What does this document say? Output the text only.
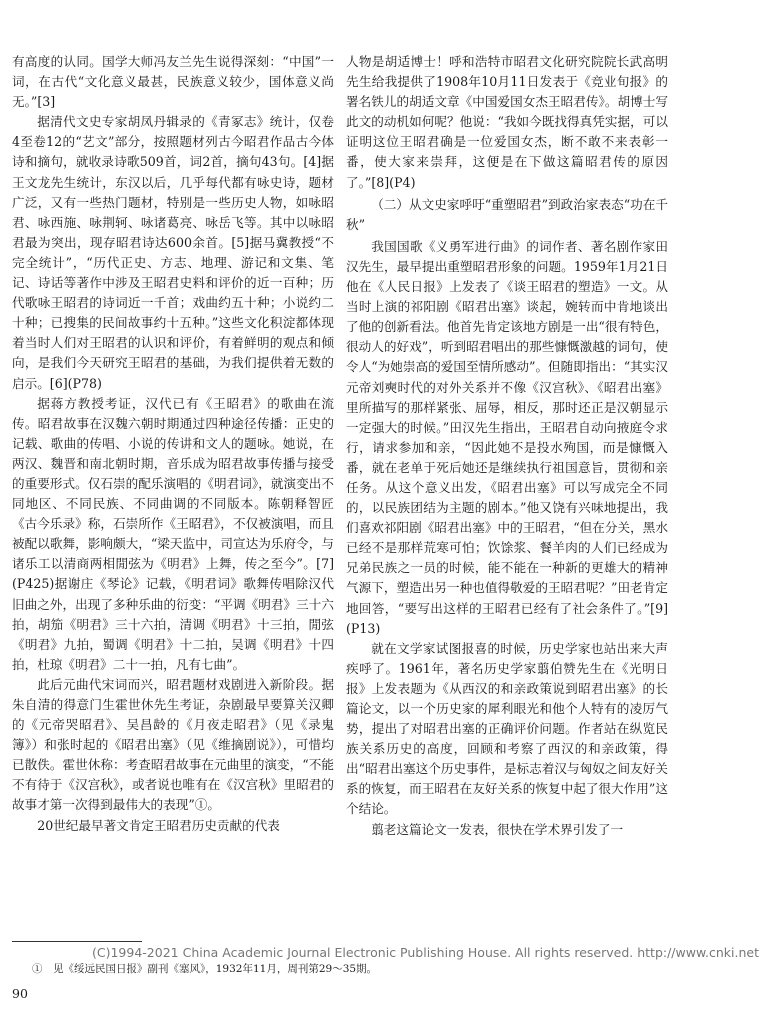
有高度的认同。国学大师冯友兰先生说得深刻：“中国”一词，在古代“文化意义最甚，民族意义较少，国体意义尚无。”[3]

据清代文史专家胡凤丹辑录的《青冢志》统计，仅卷4至卷12的“艺文”部分，按照题材列古今昭君作品古今体诗和摘句，就收录诗歌509首，词2首，摘句43句。[4]据王文龙先生统计，东汉以后，几乎每代都有咏史诗，题材广泛，又有一些热门题材，特别是一些历史人物，如咏昭君、咏西施、咏荆轲、咏诸葛亮、咏岳飞等。其中以咏昭君最为突出，现存昭君诗达600余首。[5]据马冀教授“不完全统计”，“历代正史、方志、地理、游记和文集、笔记、诗话等著作中涉及王昭君史料和评价的近一百种；历代歌咏王昭君的诗词近一千首；戏曲约五十种；小说约二十种；已搜集的民间故事约十五种。”这些文化积淀都体现着当时人们对王昭君的认识和评价，有着鲜明的观点和倾向，是我们今天研究王昭君的基础，为我们提供着无数的启示。[6](P78)

据蒋方教授考证，汉代已有《王昭君》的歌曲在流传。昭君故事在汉魏六朝时期通过四种途径传播：正史的记载、歌曲的传唱、小说的传讲和文人的题咏。她说，在两汉、魏晋和南北朝时期，音乐成为昭君故事传播与接受的重要形式。仅石崇的配乐演唱的《明君词》，就演变出不同地区、不同民族、不同曲调的不同版本。陈朝释智匠《古今乐录》称，石崇所作《王昭君》，不仅被演唱，而且被配以歌舞，影响颇大，“梁天监中，司宣达为乐府令，与诸乐工以清商两相閒弦为《明君》上舞，传之至今”。[7](P425)据谢庄《琴论》记载，《明君词》歌舞传唱除汉代旧曲之外，出现了多种乐曲的衍变：“平调《明君》三十六拍，胡笳《明君》三十六拍，清调《明君》十三拍，閒弦《明君》九拍，蜀调《明君》十二拍，吴调《明君》十四拍，杜琼《明君》二十一拍，凡有七曲”。

此后元曲代宋词而兴，昭君题材戏剧进入新阶段。据朱自清的得意门生霍世休先生考证，杂剧最早要算关汉卿的《元帝哭昭君》、吴昌龄的《月夜走昭君》（见《录鬼簿》）和张时起的《昭君出塞》（见《维摘剧说》），可惜均已散佚。霍世休称：考查昭君故事在元曲里的演变，“不能不有待于《汉宫秋》，或者说也唯有在《汉宫秋》里昭君的故事才第一次得到最伟大的表现”①。

20世纪最早著文肯定王昭君历史贡献的代表

人物是胡适博士！呼和浩特市昭君文化研究院院长武高明先生给我提供了1908年10月11日发表于《竞业旬报》的署名铁儿的胡适文章《中国爱国女杰王昭君传》。胡博士写此文的动机如何呢？他说：“我如今既找得真凭实据，可以证明这位王昭君确是一位爱国女杰，断不敢不来表彰一番，使大家来崇拜，这便是在下做这篇昭君传的原因了。”[8](P4)

（二）从文史家呼吁“重塑昭君”到政治家表态“功在千秋”

我国国歌《义勇军进行曲》的词作者、著名剧作家田汉先生，最早提出重塑昭君形象的问题。1959年1月21日他在《人民日报》上发表了《谈王昭君的塑造》一文。从当时上演的祁阳剧《昭君出塞》谈起，婉转而中肯地谈出了他的创新看法。他首先肯定该地方剧是一出“很有特色，很动人的好戏”，听到昭君唱出的那些慷慨激越的词句，使令人“为她崇高的爱国至情所感动”。但随即指出：“其实汉元帝刘奭时代的对外关系并不像《汉宫秋》、《昭君出塞》里所描写的那样紧张、屈辱，相反，那时还正是汉朝显示一定强大的时候。”田汉先生指出，王昭君自动向掖庭令求行，请求参加和亲，“因此她不是投水殉国，而是慷慨入番，就在老单于死后她还是继续执行祖国意旨，贯彻和亲任务。从这个意义出发，《昭君出塞》可以写成完全不同的，以民族团结为主题的剧本。”他又饶有兴味地提出，我们喜欢祁阳剧《昭君出塞》中的王昭君，“但在分关，黑水已经不是那样荒寒可怕；饮馀浆、餐羊肉的人们已经成为兄弟民族之一员的时候，能不能在一种新的更雄大的精神气源下，塑造出另一种也值得敬爱的王昭君呢？”田老肯定地回答，“要写出这样的王昭君已经有了社会条件了。”[9](P13)

就在文学家试图报喜的时候，历史学家也站出来大声疾呼了。1961年，著名历史学家翦伯赞先生在《光明日报》上发表题为《从西汉的和亲政策说到昭君出塞》的长篇论文，以一个历史家的犀利眼光和他个人特有的凌厉气势，提出了对昭君出塞的正确评价问题。作者站在纵览民族关系历史的高度，回顾和考察了西汉的和亲政策，得出“昭君出塞这个历史事件，是标志着汉与匈奴之间友好关系的恢复，而王昭君在友好关系的恢复中起了很大作用”这个结论。

翦老这篇论文一发表，很快在学术界引发了一

(C)1994-2021 China Academic Journal Electronic Publishing House. All rights reserved. http://www.cnki.net
①　见《绥远民国日报》副刊《塞风》，1932年11月，周刊第29～35期。
90
